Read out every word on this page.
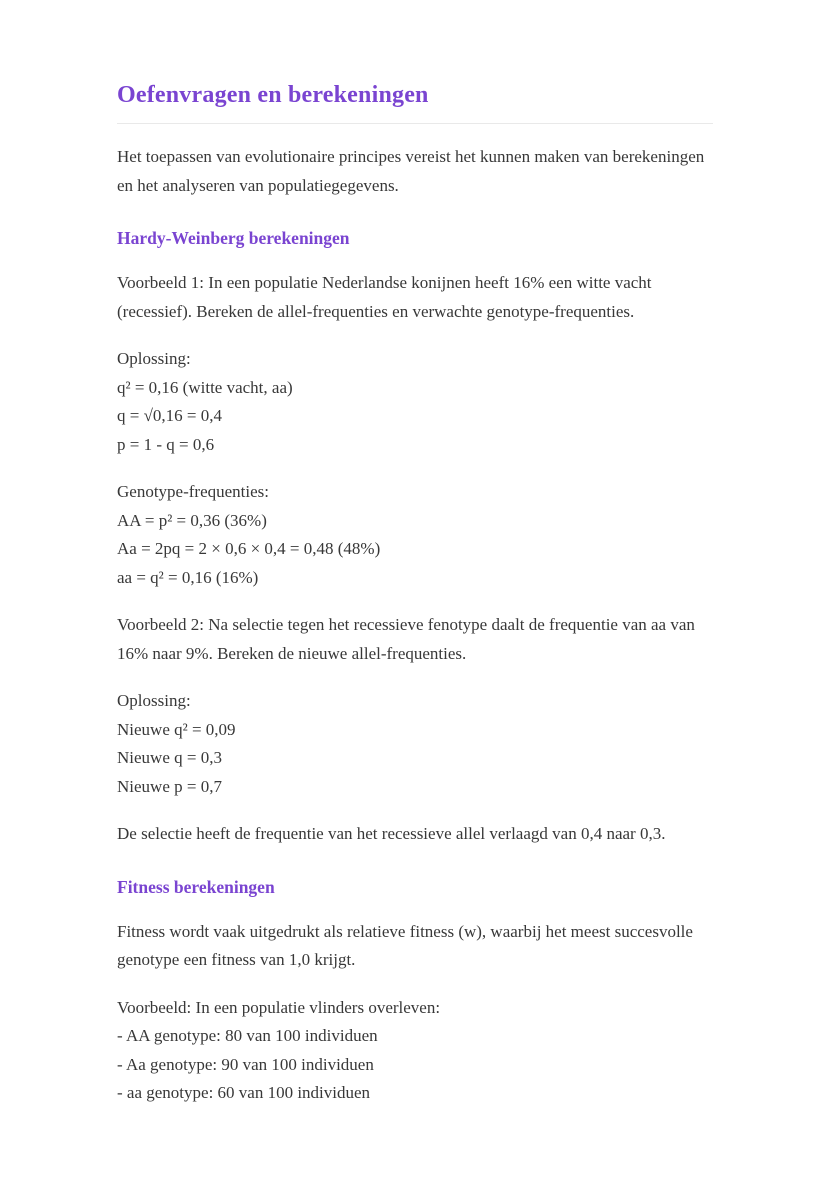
Oefenvragen en berekeningen

Het toepassen van evolutionaire principes vereist het kunnen maken van berekeningen en het analyseren van populatiegegevens.

Hardy-Weinberg berekeningen

Voorbeeld 1: In een populatie Nederlandse konijnen heeft 16% een witte vacht (recessief). Bereken de allel-frequenties en verwachte genotype-frequenties.

Oplossing:
q² = 0,16 (witte vacht, aa)
q = √0,16 = 0,4
p = 1 - q = 0,6
Genotype-frequenties:
AA = p² = 0,36 (36%)
Aa = 2pq = 2 × 0,6 × 0,4 = 0,48 (48%)
aa = q² = 0,16 (16%)

Voorbeeld 2: Na selectie tegen het recessieve fenotype daalt de frequentie van aa van 16% naar 9%. Bereken de nieuwe allel-frequenties.

Oplossing:
Nieuwe q² = 0,09
Nieuwe q = 0,3
Nieuwe p = 0,7

De selectie heeft de frequentie van het recessieve allel verlaagd van 0,4 naar 0,3.

Fitness berekeningen

Fitness wordt vaak uitgedrukt als relatieve fitness (w), waarbij het meest succesvolle genotype een fitness van 1,0 krijgt.

Voorbeeld: In een populatie vlinders overleven:
- AA genotype: 80 van 100 individuen
- Aa genotype: 90 van 100 individuen
- aa genotype: 60 van 100 individuen
